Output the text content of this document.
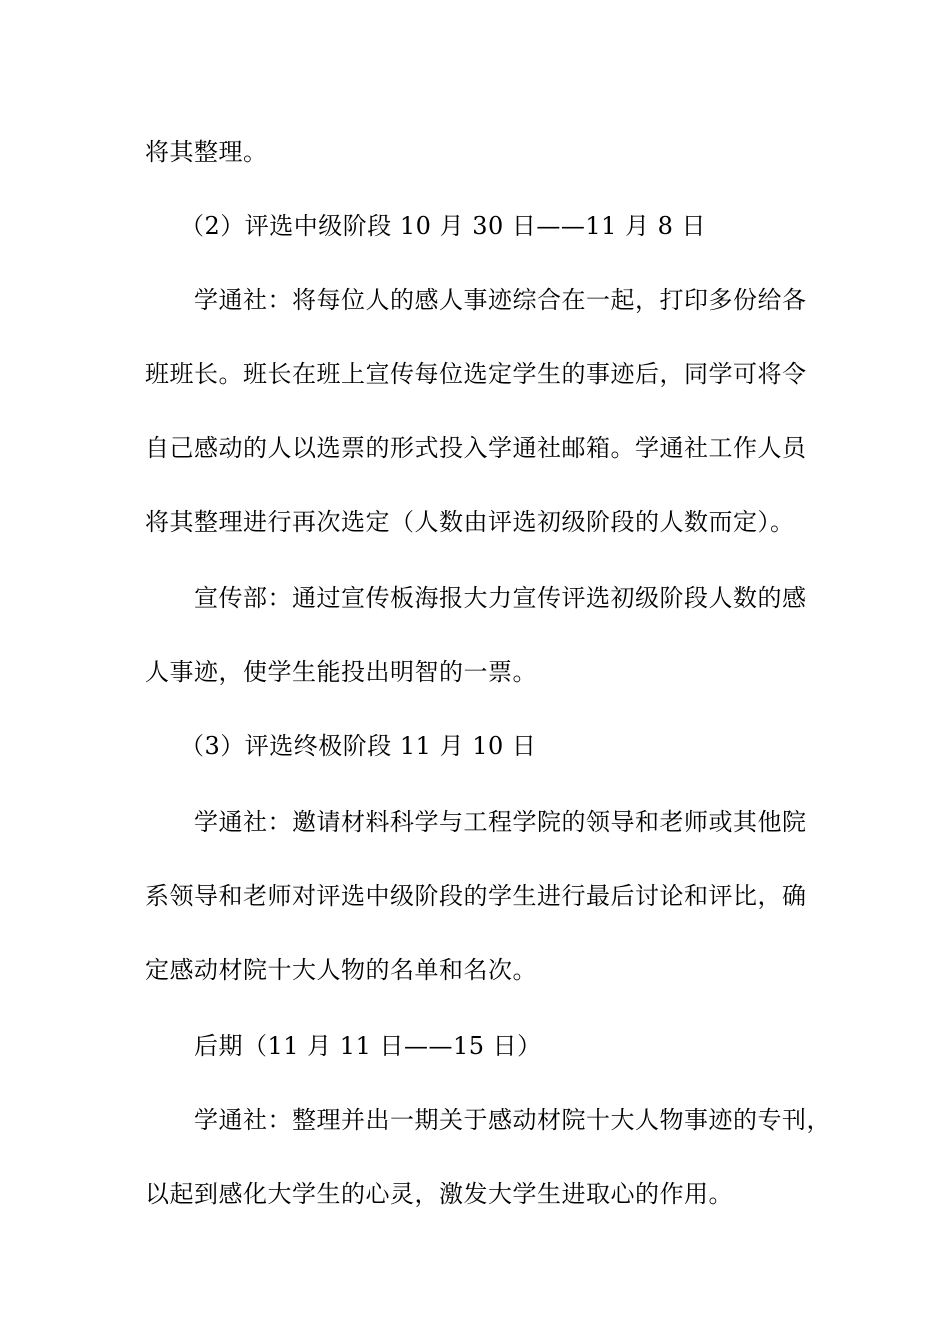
将其整理。
（2）评选中级阶段 10 月 30 日——11 月 8 日
学通社：将每位人的感人事迹综合在一起，打印多份给各
班班长。班长在班上宣传每位选定学生的事迹后，同学可将令
自己感动的人以选票的形式投入学通社邮箱。学通社工作人员
将其整理进行再次选定（人数由评选初级阶段的人数而定）。
宣传部：通过宣传板海报大力宣传评选初级阶段人数的感
人事迹，使学生能投出明智的一票。
（3）评选终极阶段 11 月 10 日
学通社：邀请材料科学与工程学院的领导和老师或其他院
系领导和老师对评选中级阶段的学生进行最后讨论和评比，确
定感动材院十大人物的名单和名次。
后期（11 月 11 日——15 日）
学通社：整理并出一期关于感动材院十大人物事迹的专刊，
以起到感化大学生的心灵，激发大学生进取心的作用。
